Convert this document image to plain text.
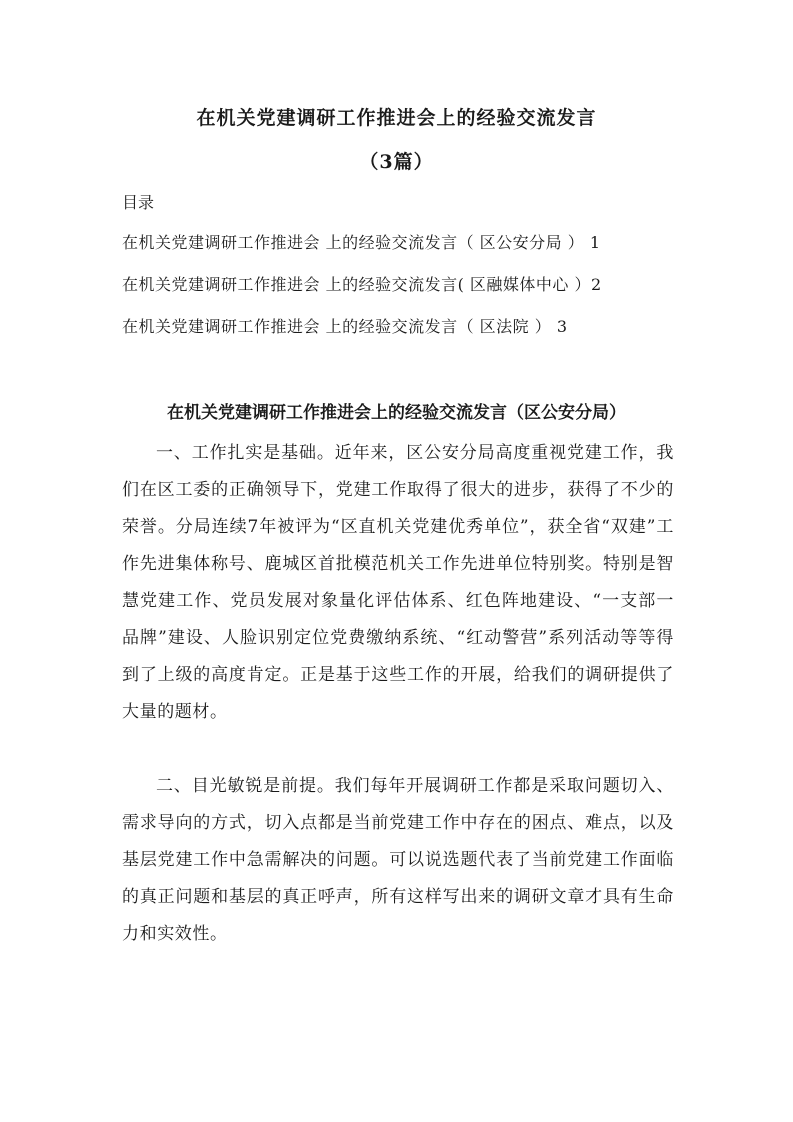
在机关党建调研工作推进会上的经验交流发言
（3篇）

目录

在机关党建调研工作推进会 上的经验交流发言（ 区公安分局 ） 1
在机关党建调研工作推进会 上的经验交流发言( 区融媒体中心 ）2
在机关党建调研工作推进会 上的经验交流发言（ 区法院 ） 3
在机关党建调研工作推进会上的经验交流发言（区公安分局）

一、工作扎实是基础。近年来，区公安分局高度重视党建工作，我们在区工委的正确领导下，党建工作取得了很大的进步，获得了不少的荣誉。分局连续7年被评为“区直机关党建优秀单位”，获全省“双建”工作先进集体称号、鹿城区首批模范机关工作先进单位特别奖。特别是智慧党建工作、党员发展对象量化评估体系、红色阵地建设、“一支部一品牌”建设、人脸识别定位党费缴纳系统、“红动警营”系列活动等等得到了上级的高度肯定。正是基于这些工作的开展，给我们的调研提供了大量的题材。

二、目光敏锐是前提。我们每年开展调研工作都是采取问题切入、需求导向的方式，切入点都是当前党建工作中存在的困点、难点，以及基层党建工作中急需解决的问题。可以说选题代表了当前党建工作面临的真正问题和基层的真正呼声，所有这样写出来的调研文章才具有生命力和实效性。
